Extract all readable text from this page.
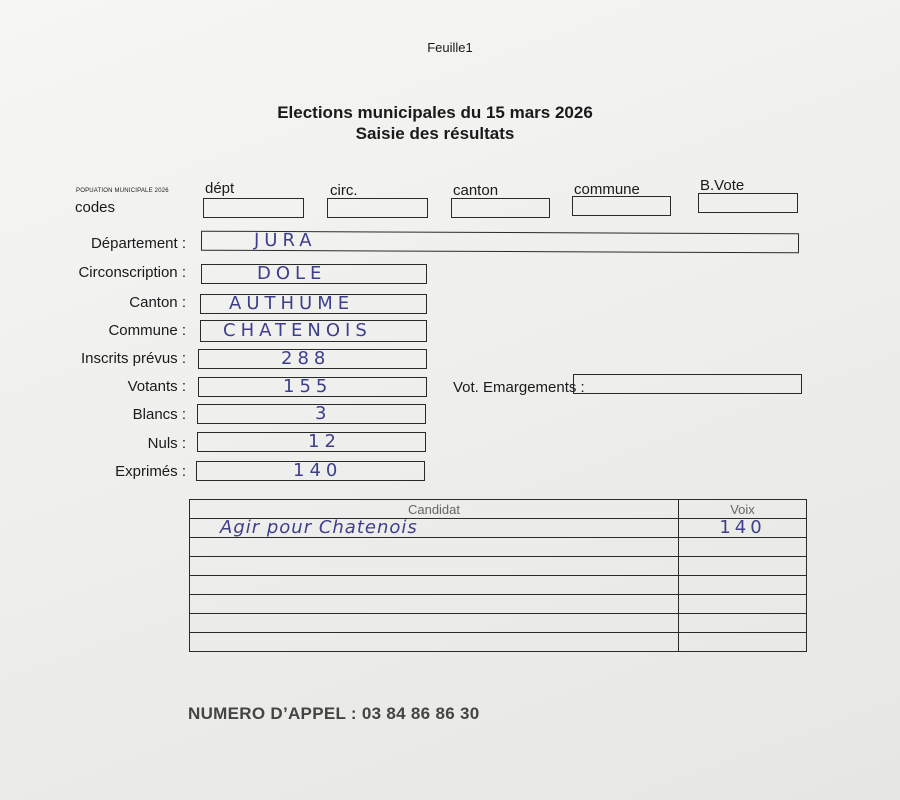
Feuille1
Elections municipales du 15 mars 2026
Saisie des résultats
POPUATION MUNICIPALE 2026
codes
dépt	circ.	canton	commune	B.Vote
Département :	JURA
Circonscription :	DOLE
Canton : AUTHUME
Commune : CHATENOIS
Inscrits prévus :	288
Votants :	155	Vot. Emargements :
Blancs :	3
Nuls :	12
Exprimés :	140
Candidat	Voix
Agir pour Chatenois	140

NUMERO D’APPEL : 03 84 86 86 30
